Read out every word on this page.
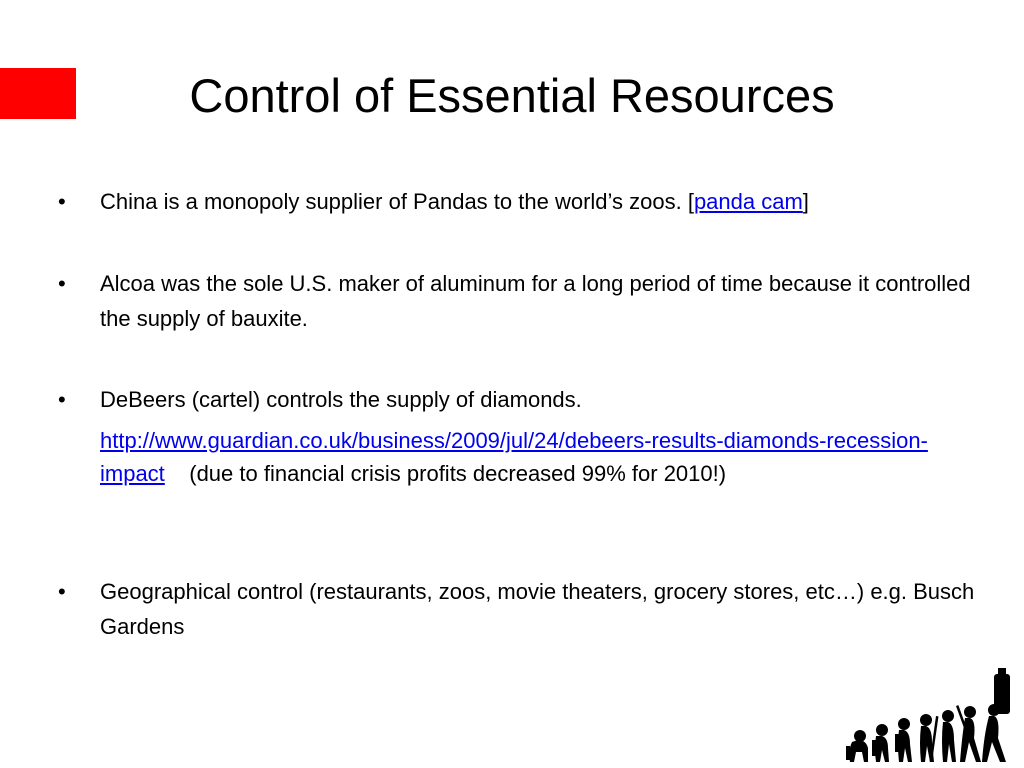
Control of Essential Resources
• China is a monopoly supplier of Pandas to the world’s zoos. [panda cam]
• Alcoa was the sole U.S. maker of aluminum for a long period of time because it controlled the supply of bauxite.
• DeBeers (cartel) controls the supply of diamonds.
http://www.guardian.co.uk/business/2009/jul/24/debeers-results-diamonds-recession-impact (due to financial crisis profits decreased 99% for 2010!)
• Geographical control (restaurants, zoos, movie theaters, grocery stores, etc…) e.g. Busch Gardens
